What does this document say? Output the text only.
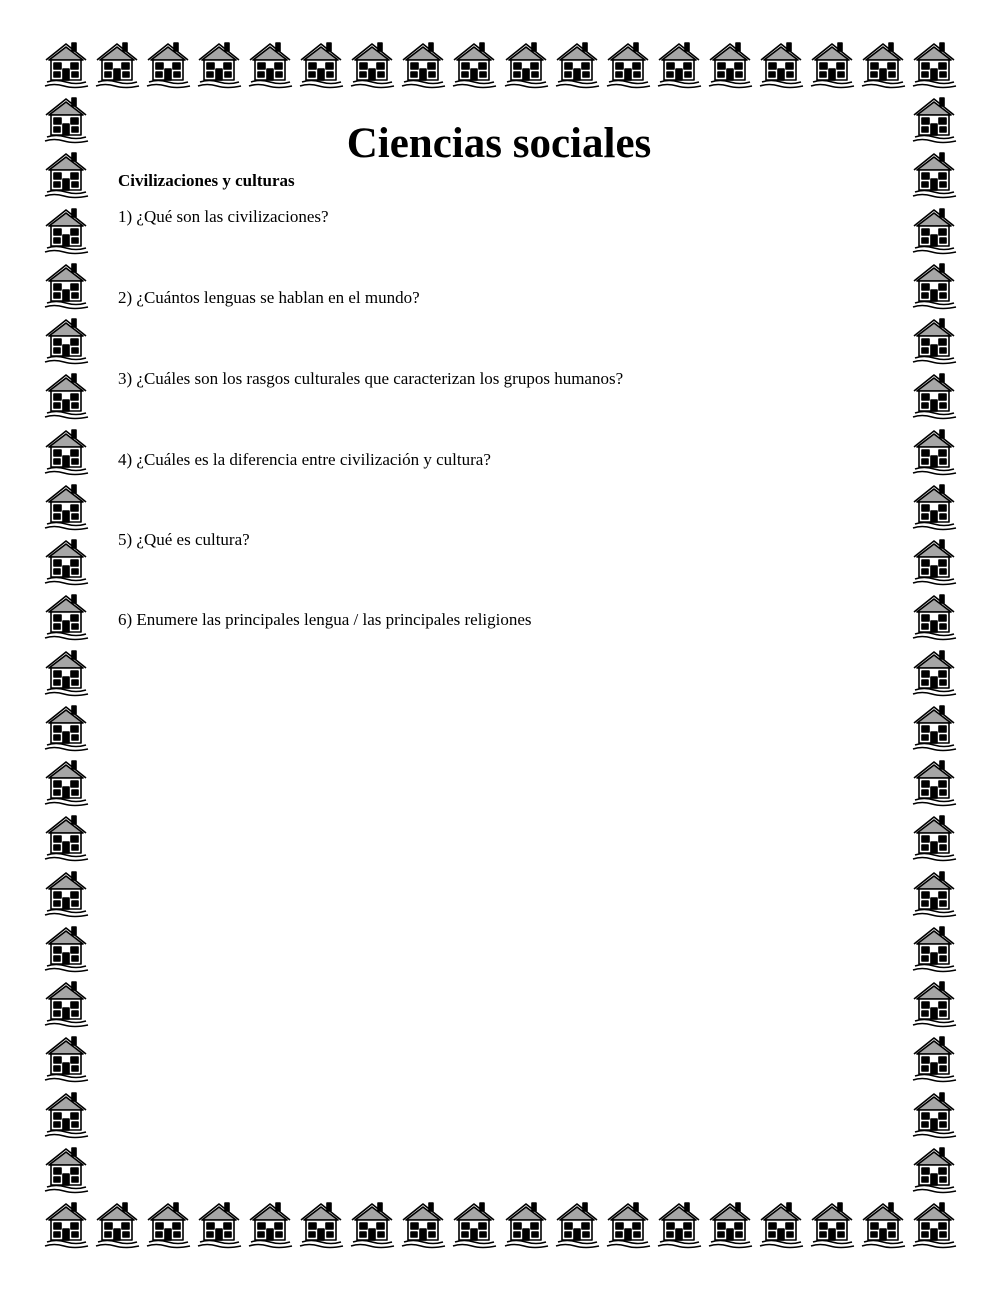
Ciencias sociales

Civilizaciones y culturas

1) ¿Qué son las civilizaciones?

2) ¿Cuántos lenguas se hablan en el mundo?

3) ¿Cuáles son los rasgos culturales que caracterizan los grupos humanos?

4) ¿Cuáles es la diferencia entre civilización y cultura?

5) ¿Qué es cultura?

6) Enumere las principales lengua / las principales religiones
